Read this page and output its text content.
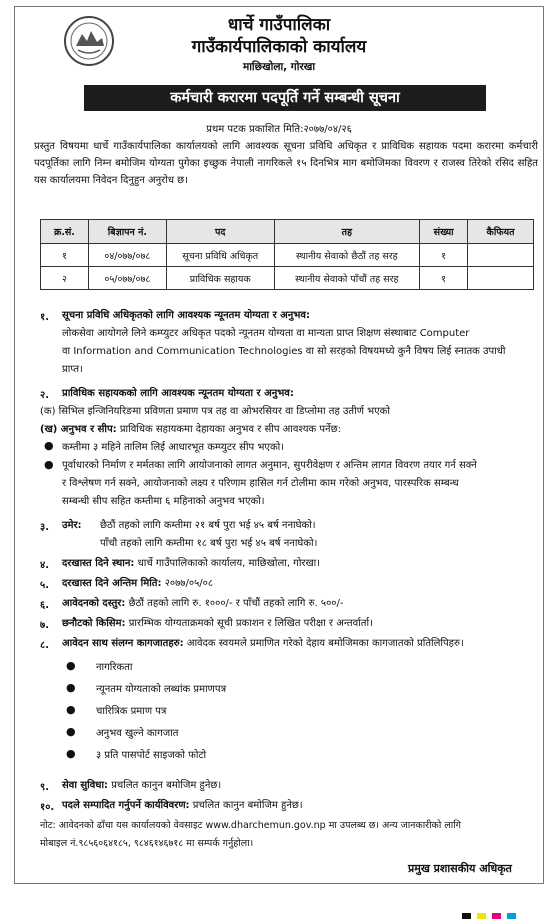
धार्चे गाउँपालिका
गाउँकार्यपालिकाको कार्यालय
माछिखोला, गोरखा
कर्मचारी करारमा पदपूर्ति गर्ने सम्बन्धी सूचना
प्रथम पटक प्रकाशित मिति:२०७७/०४/२६
प्रस्तुत विषयमा धार्चे गाउँकार्यपालिका कार्यालयको लागि आवश्यक सूचना प्रविधि अधिकृत र प्राविधिक सहायक पदमा करारमा कर्मचारी पदपूर्तिका लागि निम्न बमोजिम योग्यता पुगेका इच्छुक नेपाली नागरिकले १५ दिनभित्र माग बमोजिमका विवरण र राजस्व तिरेको रसिद सहित यस कार्यालयमा निवेदन दिनुहुन अनुरोध छ।
क्र.सं.	बिज्ञापन नं.	पद	तह	संख्या	कैफियत
१	०४/०७७/०७८	सूचना प्रविधि अधिकृत	स्थानीय सेवाको छैठौं तह सरह	१	
२	०५/०७७/०७८	प्राविधिक सहायक	स्थानीय सेवाको पाँचौं तह सरह	१	
१. सूचना प्रविधि अधिकृतको लागि आवश्यक न्यूनतम योग्यता र अनुभव:
लोकसेवा आयोगले लिने कम्प्युटर अधिकृत पदको न्यूनतम योग्यता वा मान्यता प्राप्त शिक्षण संस्थाबाट Computer
वा Information and Communication Technologies वा सो सरहको विषयमध्ये कुनै विषय लिई स्नातक उपाधी
प्राप्त।
२. प्राविधिक सहायकको लागि आवश्यक न्यूनतम योग्यता र अनुभव:
(क) सिभिल इन्जिनियरिङमा प्रविणता प्रमाण पत्र तह वा ओभरसियर वा डिप्लोमा तह उतीर्ण भएको
(ख) अनुभव र सीप: प्राविधिक सहायकमा देहायका अनुभव र सीप आवश्यक पर्नेछ:
● कम्तीमा ३ महिने तालिम लिई आधारभूत कम्प्युटर सीप भएको।
● पूर्वाधारको निर्माण र मर्मतका लागि आयोजनाको लागत अनुमान, सुपरीवेक्षण र अन्तिम लागत विवरण तयार गर्न सक्ने
र विश्लेषण गर्न सक्ने, आयोजनाको लक्ष्य र परिणाम हासिल गर्न टोलीमा काम गरेको अनुभव, पारस्परिक सम्बन्ध
सम्बन्धी सीप सहित कम्तीमा ६ महिनाको अनुभव भएको।
३. उमेर: छैठौं तहको लागि कम्तीमा २१ बर्ष पुरा भई ४५ बर्ष ननाघेको।
पाँचौ तहको लागि कम्तीमा १८ बर्ष पुरा भई ४५ बर्ष ननाघेको।
४. दरखास्त दिने स्थान: धार्चे गाउँपालिकाको कार्यालय, माछिखोला, गोरखा।
५. दरखास्त दिने अन्तिम मिति: २०७७/०५/०८
६. आवेदनको दस्तुर: छैठौं तहको लागि रु. १०००/- र पाँचौं तहको लागि रु. ५००/-
७. छनौटको किसिम: प्रारम्भिक योग्यताक्रमको सूची प्रकाशन र लिखित परीक्षा र अन्तर्वार्ता।
८. आवेदन साथ संलग्न कागजातहरु: आवेदक स्वयमले प्रमाणित गरेको देहाय बमोजिमका कागजातको प्रतिलिपिहरु।
● नागरिकता
● न्यूनतम योग्यताको लब्धांक प्रमाणपत्र
● चारित्रिक प्रमाण पत्र
● अनुभव खुल्ने कागजात
● ३ प्रति पासपोर्ट साइजको फोटो
९. सेवा सुविधा: प्रचलित कानुन बमोजिम हुनेछ।
१०. पदले सम्पादित गर्नुपर्ने कार्यविवरण: प्रचलित कानुन बमोजिम हुनेछ।
नोट: आवेदनको ढाँचा यस कार्यालयको वेवसाइट www.dharchemun.gov.np मा उपलब्ध छ। अन्य जानकारीको लागि
मोबाइल नं.९८५६०६४१८५, ९८४६१४६७१८ मा सम्पर्क गर्नुहोला।
प्रमुख प्रशासकीय अधिकृत
